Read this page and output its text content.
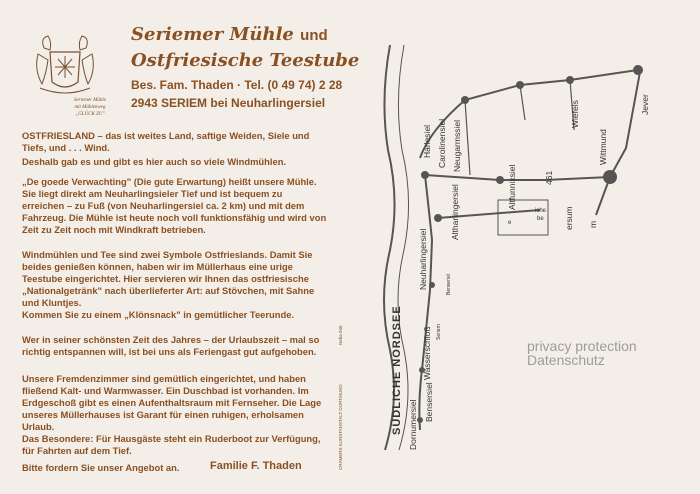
Seriemer Mühle
mit Mühlenweg
„GLÜCK ZU"
Seriemer Mühle und
Ostfriesische Teestube
Bes. Fam. Thaden · Tel. (0 49 74) 2 28
2943 SERIEM bei Neuharlingersiel
OSTFRIESLAND – das ist weites Land, saftige Weiden, Siele und Tiefs, und . . . Wind.
Deshalb gab es und gibt es hier auch so viele Windmühlen.
„De goede Verwachting" (Die gute Erwartung) heißt unsere Mühle. Sie liegt direkt am Neuharlingsieler Tief und ist bequem zu erreichen – zu Fuß (von Neuharlingersiel ca. 2 km) und mit dem Fahrzeug. Die Mühle ist heute noch voll funktionsfähig und wird von Zeit zu Zeit noch mit Windkraft betrieben.
Windmühlen und Tee sind zwei Symbole Ostfrieslands. Damit Sie beides genießen können, haben wir im Müllerhaus eine urige Teestube eingerichtet. Hier servieren wir Ihnen das ostfriesische „Nationalgetränk" nach überlieferter Art: auf Stövchen, mit Sahne und Kluntjes.
Kommen Sie zu einem „Klönsnack" in gemütlicher Teerunde.
Wer in seiner schönsten Zeit des Jahres – der Urlaubszeit – mal so richtig entspannen will, ist bei uns als Feriengast gut aufgehoben.
Unsere Fremdenzimmer sind gemütlich eingerichtet, und haben fließend Kalt- und Warmwasser. Ein Duschbad ist vorhanden. Im Erdgeschoß gibt es einen Aufenthaltsraum mit Fernseher. Die Lage unseres Müllerhauses ist Garant für einen ruhigen, erholsamen Urlaub.
Das Besondere: Für Hausgäste steht ein Ruderboot zur Verfügung, für Fahrten auf dem Tief.
Bitte fordern Sie unser Angebot an.	Familie F. Thaden	CRAMERS KUNSTANSTALT DORTMUND
Neha 046
Harlesiel Carolinensiel Neugarmssiel
Altharlingersiel	Altfunnixsiel
Wiefels	Jever
Wittmund
Neuharlingersiel
Bensersiel
Wasserschloß
Benseriel
Dornumersiel
Seriem
ersum m
iche
be
e
461
SÜDLICHE NORDSEE	privacy protection
Datenschutz
